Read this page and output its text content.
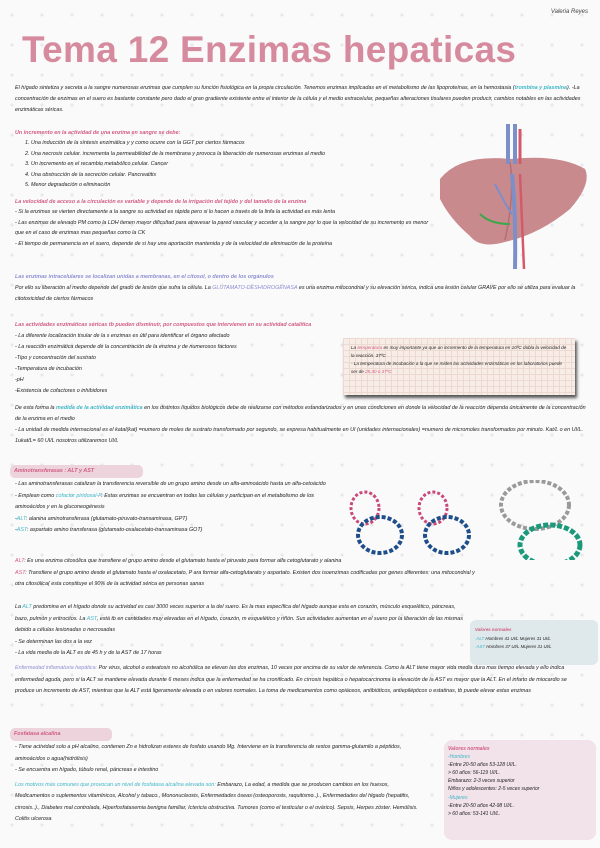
Valeria Reyes
Tema 12 Enzimas hepaticas
El hígado sintetiza y secreta a la sangre numerosas enzimas que cumplen su función fisiológica en la propia circulación. Tenemos enzimas implicadas en el metabolismo de las lipoproteínas, en la hemostasia (trombina y plasmina). -La concentración de enzimas en el suero es bastante constante pero dado el gran gradiente existente entre el interior de la célula y el medio extracelular, pequeñas alteraciones tisulares pueden producir, cambios notables en las actividades enzimáticas séricas.

Un incremento en la actividad de una enzima en sangre se debe:

1. Una inducción de la síntesis enzimática y y como ocurre con la GGT por ciertos fármacos

2. Una necrosis celular. incrementa la permeabilidad de la membrana y provoca la liberación de numerosas enzimas al medio

3. Un incremento en el recambio metabólico celular. Cancer

4. Una obstrucción de la secreción celular. Pancreatitis

5. Menor degradación o eliminación

La velocidad de acceso a la circulación es variable y depende de la irrigación del tejido y del tamaño de la enzima

- Si la enzimas se vierten directamente a la sangre su actividad es rápida pero si lo hacen a través de la linfa la actividad es más lenta

- Las enzimas de elevado PM como la LDH tienen mayor dificultad para atravesar la pared vascular y acceder a la sangre por lo que la velocidad de su incremento es menor que en el caso de enzimas mas pequeñas como la CK

- El tiempo de permanencia en el suero, depende de si hay una aportación mantenida y de la velocidad de eliminación de la proteína

Las enzimas intracelulares se localizan unidas a membranas, en el citosol, o dentro de los orgánulos

Por ello su liberación al medio depende del grado de lesión que sufra la célula. La GLUTAMATO-DESHIDROGENASA es una enzima mitocondrial y su elevación sérica, indica una lesión celular GRAVE por ello se utiliza para evaluar la citotoxicidad de ciertos fármacos

Las actividades enzimáticas séricas tb pueden disminuir, por compuestos que intervienen en su actividad catalítica

- La diferente localización tisular de la s enzimas es útil para identificar el órgano afectado

- La reacción enzimática depende de la concentración de la enzima y de numerosos factores

-Tipo y concentración del sustrato

-Temperatura de incubación

-pH

-Existencia de cofactores o inhibidores

La temperatura es muy importante ya que un incremento de la temperatura en 10ºC dobla la velocidad de la reacción. 37ºC

- La temperatura de incubación a la que se miden las actividades enzimáticas en los laboratorios puede ser de 25,30 o 37ºC

De esta forma la medida de la actividad enzimática en los distintos líquidos biológicos debe de realizarse con métodos estandarizados y en unas condiciones en donde la velocidad de la reacción dependa únicamente de la concentración de la enzima en el medio

- La unidad de medida internacional es el katal(kat) =numero de moles de sustrato transformado por segundo, se expresa habitualmente en UI (unidades internacionales) =numero de micromoles transformados por minuto. Kat/L o en UI/L. 1ukat/L= 60 UI/L nosotros utilizaremos UI/L

Aminotransferasas : ALT y AST

- Las aminotransferasas catalizan la transferencia reversible de un grupo amino desde un alfa-aminoácido hasta un alfa-cetoácido

- Emplean como cofactor piridoxal-P. Estas enzimas se encuentran en todas las células y participan en el metabolismo de los aminoácidos y en la gluconeogénesis

-ALT: alanina aminotransferasa (glutamato-piruvato-transaminasa, GPT)

-AST: aspartato amino transferasa (glutamato-oxalacetato-transaminasa GOT)

ALT: Es una enzima citosólica que transfiere el grupo amino desde el glutamato hasta el piruvato para formar alfa cetoglutarato y alanina

AST: Transfiere el grupo amino desde el glutamato hasta el oxalacetato, P ara formar alfa-cetoglutarato y aspartato. Existen dos isoenzimas codificadas por genes diferentes: una mitocondrial y otra citosólica( esta constituye el 90% de la actividad sérica en personas sanas

La ALT predomina en el hígado donde su actividad es casi 3000 veces superior a la del suero. Es la mas específica del hígado aunque esta en corazón, músculo esquelético, páncreas, bazo, pulmón y eritrocitos. La AST, está tb en cantidades muy elevadas en el hígado, corazón, m esquelético y riñón. Sus actividades aumentan en el suero por la liberación de las mismas debido a células lesionadas o necrosadas

- Se determinan las dos a la vez

- La vida media de la ALT es de 45 h y de la AST de 17 horas

Valores normales

-ALT Hombres 41 UI/L Mujeres 31 UI/L

-AST Hombres 37 UI/L Mujeres 31 UI/L

Enfermedad inflamatoria hepática: Por virus, alcohol o esteatosis no alcohólica se elevan las dos enzimas, 10 veces por encima de su valor de referencia. Como la ALT tiene mayor vida media dura mas tiempo elevada y ello indica enfermedad aguda, pero si la ALT se mantiene elevada durante 6 meses indica que la enfermedad se ha cronificado. En cirrosis hepática o hepatocarcinoma la elevación de la AST es mayor que la ALT. En el infarto de miocardio se produce un incremento de AST, mientras que la ALT está ligeramente elevada o en valores normales. La toma de medicamentos como opiáceos, antibióticos, antiepilépticos o estatinas, tb puede elevar estas enzimas

Fosfatasa alcalina

- Tiene actividad solo a pH alcalino, contienen Zn e hidrolizan esteres de fosfato usando Mg. Interviene en la transferencia de restos gamma-glutamilo a péptidos, aminoácidos o agua(hidrólisis)

- Se encuentra en hígado, túbulo renal, páncreas e intestino

Los motivos más comunes que provocan un nivel de fosfatasa alcalina elevada son: Embarazo, La edad, a medida que se producen cambios en los huesos, Medicamentos o suplementos vitamínicos, Alcohol y tabaco., Mononucleosis, Enfermedades óseas (osteoporosis, raquitismo..)., Enfermedades del hígado (hepatitis, cirrosis..)., Diabetes mal controlada, Hiperfosfatasemia benigna familiar, Ictericia obstructiva. Tumores (como el testicular o el ovárico). Sepsis, Herpes zóster. Hemólisis. Colitis ulcerosa

Valores normales

-Hombres

-Entre 20-50 años 53-128 UI/L.

> 60 años: 56-119 UI/L.

Embarazo: 2-3 veces superior

Niños y adolescentes: 2-5 veces superior

-Mujeres

-Entre 20-50 años 42-98 UI/L.

> 60 años: 53-141 UI/L.
